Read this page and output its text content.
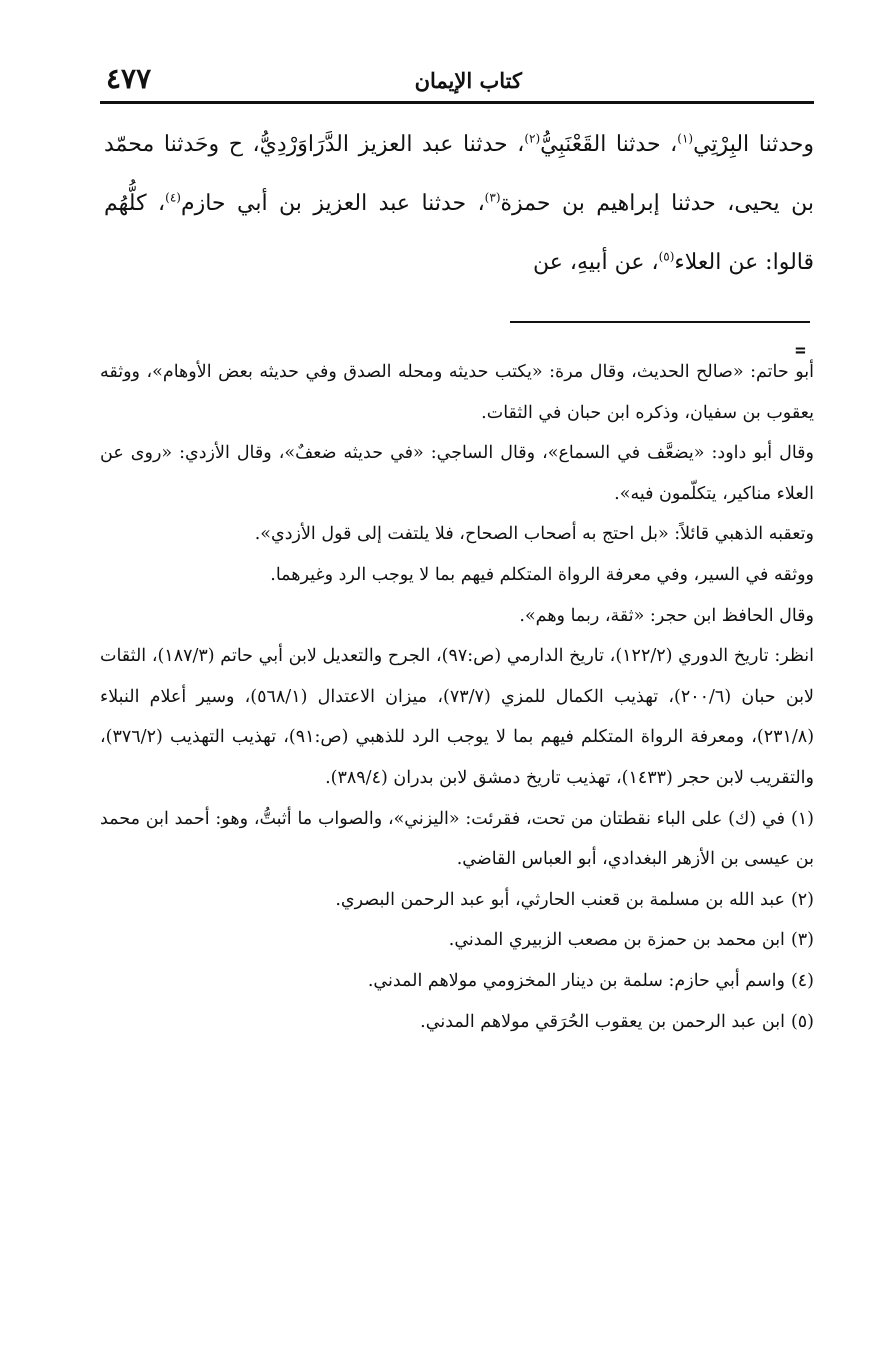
كتاب الإيمان
٤٧٧

وحدثنا البِرْتِي$^{(١)}$، حدثنا القَعْنَبِيُّ$^{(٢)}$، حدثنا عبد العزيز الدَّرَاوَرْدِيُّ، ح وحَدثنا محمّد بن يحيى، حدثنا إبراهيم بن حمزة$^{(٣)}$، حدثنا عبد العزيز بن أبي حازم$^{(٤)}$، كلُّهُم قالوا: عن العلاء$^{(٥)}$، عن أبيهِ، عن

=

أبو حاتم: «صالح الحديث، وقال مرة: «يكتب حديثه ومحله الصدق وفي حديثه بعض الأوهام»، ووثقه يعقوب بن سفيان، وذكره ابن حبان في الثقات.

وقال أبو داود: «يضعَّف في السماع»، وقال الساجي: «في حديثه ضعفٌ»، وقال الأزدي: «روى عن العلاء مناكير، يتكلّمون فيه».

وتعقبه الذهبي قائلاً: «بل احتج به أصحاب الصحاح، فلا يلتفت إلى قول الأزدي».

ووثقه في السير، وفي معرفة الرواة المتكلم فيهم بما لا يوجب الرد وغيرهما.

وقال الحافظ ابن حجر: «ثقة، ربما وهم».

انظر: تاريخ الدوري (١٢٢/٢)، تاريخ الدارمي (ص:٩٧)، الجرح والتعديل لابن أبي حاتم (١٨٧/٣)، الثقات لابن حبان (٢٠٠/٦)، تهذيب الكمال للمزي (٧٣/٧)، ميزان الاعتدال (٥٦٨/١)، وسير أعلام النبلاء (٢٣١/٨)، ومعرفة الرواة المتكلم فيهم بما لا يوجب الرد للذهبي (ص:٩١)، تهذيب التهذيب (٣٧٦/٢)، والتقريب لابن حجر (١٤٣٣)، تهذيب تاريخ دمشق لابن بدران (٣٨٩/٤).

(١)في (ك) على الباء نقطتان من تحت، فقرئت: «اليزني»، والصواب ما أثبتُّ، وهو: أحمد ابن محمد بن عيسى بن الأزهر البغدادي، أبو العباس القاضي.

(٢)عبد الله بن مسلمة بن قعنب الحارثي، أبو عبد الرحمن البصري.

(٣)ابن محمد بن حمزة بن مصعب الزبيري المدني.

(٤)واسم أبي حازم: سلمة بن دينار المخزومي مولاهم المدني.

(٥)ابن عبد الرحمن بن يعقوب الحُرَقي مولاهم المدني.
